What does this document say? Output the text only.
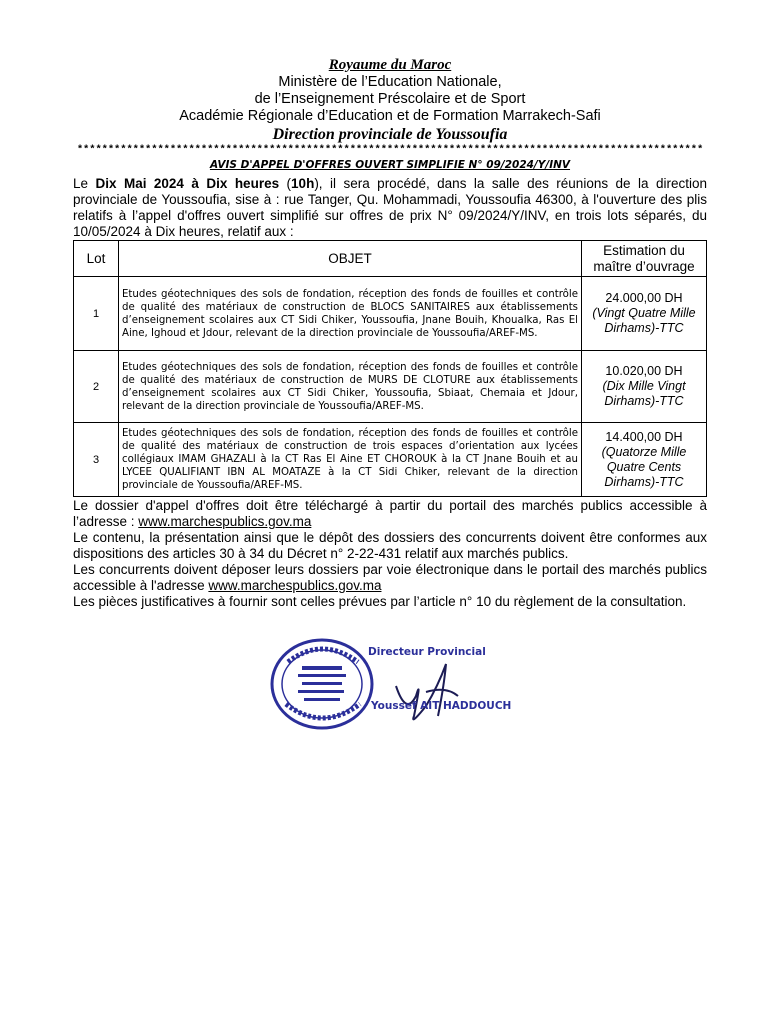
Royaume du Maroc
Ministère de l’Education Nationale,
de l’Enseignement Préscolaire et de Sport
Académie Régionale d’Education et de Formation Marrakech-Safi
Direction provinciale de Youssoufia
*****************************************************************************************************
AVIS D'APPEL D'OFFRES OUVERT SIMPLIFIE N° 09/2024/Y/INV
Le Dix Mai 2024 à Dix heures (10h), il sera procédé, dans la salle des réunions de la direction provinciale de Youssoufia, sise à : rue Tanger, Qu. Mohammadi, Youssoufia 46300, à l'ouverture des plis relatifs à l’appel d'offres ouvert simplifié sur offres de prix N° 09/2024/Y/INV, en trois lots séparés, du 10/05/2024 à Dix heures, relatif aux :
Lot	OBJET	Estimation du maître d’ouvrage
1	Etudes géotechniques des sols de fondation, réception des fonds de fouilles et contrôle de qualité des matériaux de construction de BLOCS SANITAIRES aux établissements d’enseignement scolaires aux CT Sidi Chiker, Youssoufia, Jnane Bouih, Khoualka, Ras El Aine, Ighoud et Jdour, relevant de la direction provinciale de Youssoufia/AREF-MS.	24.000,00 DH
(Vingt Quatre Mille Dirhams)-TTC

2	Etudes géotechniques des sols de fondation, réception des fonds de fouilles et contrôle de qualité des matériaux de construction de MURS DE CLOTURE aux établissements d’enseignement scolaires aux CT Sidi Chiker, Youssoufia, Sbiaat, Chemaia et Jdour, relevant de la direction provinciale de Youssoufia/AREF-MS.	10.020,00 DH
(Dix Mille Vingt Dirhams)-TTC

3	Etudes géotechniques des sols de fondation, réception des fonds de fouilles et contrôle de qualité des matériaux de construction de trois espaces d’orientation aux lycées collégiaux IMAM GHAZALI à la CT Ras El Aine ET CHOROUK à la CT Jnane Bouih et au LYCEE QUALIFIANT IBN AL MOATAZE à la CT Sidi Chiker, relevant de la direction provinciale de Youssoufia/AREF-MS.	14.400,00 DH
(Quatorze Mille Quatre Cents Dirhams)-TTC

Le dossier d'appel d'offres doit être téléchargé à partir du portail des marchés publics accessible à l’adresse : www.marchespublics.gov.ma

Le contenu, la présentation ainsi que le dépôt des dossiers des concurrents doivent être conformes aux dispositions des articles 30 à 34 du Décret n° 2-22-431 relatif aux marchés publics.

Les concurrents doivent déposer leurs dossiers par voie électronique dans le portail des marchés publics accessible à l'adresse www.marchespublics.gov.ma

Les pièces justificatives à fournir sont celles prévues par l’article n° 10 du règlement de la consultation.

Directeur Provincial
Youssef AIT HADDOUCH
